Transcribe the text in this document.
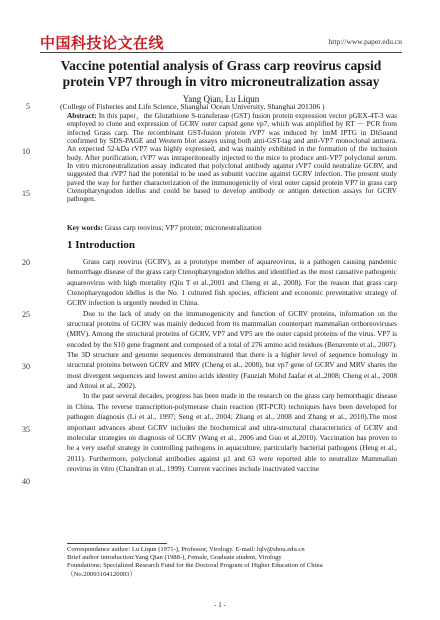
中国科技论文在线	http://www.paper.edu.cn
Vaccine potential analysis of Grass carp reovirus capsid protein VP7 through in vitro microneutralization assay
Yang Qian, Lu Liqun
5	(College of Fisheries and Life Science, Shanghai Ocean University, Shanghai 201306 )
Abstract: In this paper，the Glutathione S-transferase (GST) fusion protein expression vector pGEX-4T-3 was employed to clone and expression of GCRV outer capsid gene vp7, which was amplified by RT － PCR from infected Grass carp. The recombinant GST-fusion protein rVP7 was induced by 1mM IPTG in Dh5αand confirmed by SDS-PAGE and Western blot assays using both anti-GST-tag and anti-VP7 monoclonal antisera. An expected 52-kDa rVP7 was highly expressed, and was mainly exhibited in the formation of the inclusion body. After purification, rVP7 was intraperitoneally injected to the mice to produce anti-VP7 polyclonal serum. In vitro microneutralization assay indicated that polyclonal antibody against rVP7 could neutralize GCRV, and suggested that rVP7 had the potential to be used as subunit vaccine against GCRV infection. The present study paved the way for further characterization of the immunogenicity of viral outer capsid protein VP7 in grass carp Ctenopharyngodon idellus and could be based to develop antibody or antigen detection assays for GCRV pathogen.
10
15
Key words: Grass carp reovirus; VP7 protein; microneutralization
1 Introduction
20
25
30
35
40

Grass carp reovirus (GCRV), as a prototype member of aquareovirus, is a pathogen causing pandemic hemorrhage disease of the grass carp Ctenopharyngodon idellus and identified as the most causative pathogenic aquareovirus with high mortality (Qiu T et al.,2001 and Cheng et al., 2008). For the reason that grass carp Ctenopharyngodon idellus is the No. 1 cultured fish species, efficient and economic preventative strategy of GCRV infection is urgently needed in China.

Due to the lack of study on the immunogenicity and function of GCRV proteins, information on the structural proteins of GCRV was mainly deduced from its mammalian counterpart mammalian orthoreoviruses (MRV). Among the structural proteins of GCRV, VP7 and VP5 are the outer capsid proteins of the virus. VP7 is encoded by the S10 gene fragment and composed of a total of 276 amino acid residues (Benavente et al., 2007). The 3D structure and genome sequences demonstrated that there is a higher level of sequence homology in structural proteins between GCRV and MRV (Cheng et al., 2008), but vp7 gene of GCRV and MRV shares the most divergent sequences and lowest amino acids identity (Fauziah Mohd Jaafar et al.,2008; Cheng et al., 2008 and Attoui et al., 2002).

In the past several decades, progress has been made in the research on the grass carp hemorrhagic disease in China. The reverse transcription-polymerase chain reaction (RT-PCR) techniques have been developed for pathogen diagnosis (Li et al., 1997; Seng et al., 2004; Zhang et al., 2008 and Zhang et al., 2010).The most important advances about GCRV includes the biochemical and ultra-structural characteristics of GCRV and molecular strategies on diagnosis of GCRV (Wang et al., 2006 and Guo et al,2010). Vaccination has proven to be a very useful strategy in controlling pathogens in aquaculture, particularly bacterial pathogens (Heng et al., 2011). Furthermore, polyclonal antibodies against μ1 and 63 were reported able to neutralize Mammalian reovirus in vitro (Chandran et al., 1999). Current vaccines include inactivated vaccine

Correspondance author: Lu Liqun (1971-), Professor, Virology. E-mail: lqlv@shou.edu.cn
Brief author introduction:Yang Qian (1988-), Female, Graduate student, Virology
Foundations: Specialized Research Fund for the Doctoral Program of Higher Education of China
（No.20093104120003）
- 1 -
